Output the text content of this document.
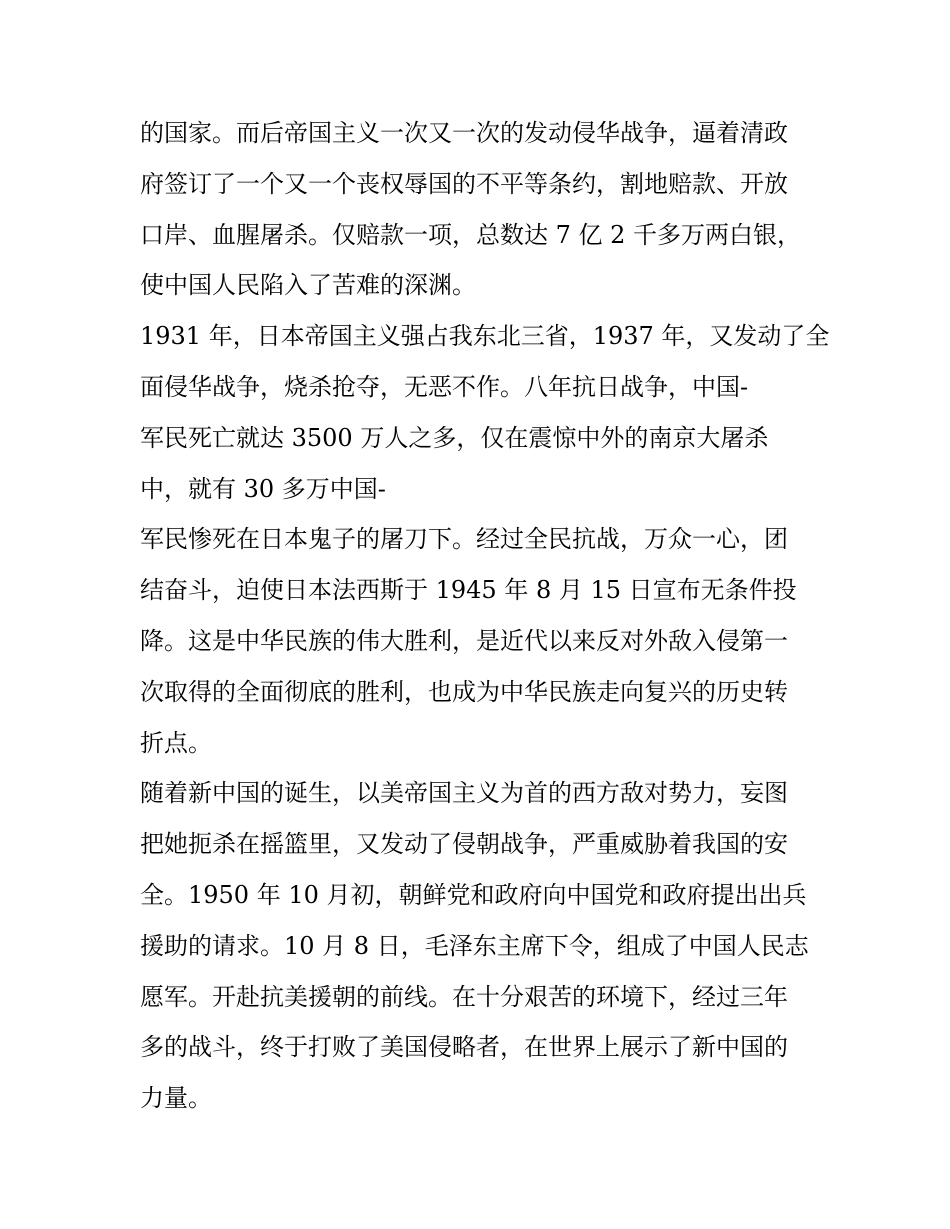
的国家。而后帝国主义一次又一次的发动侵华战争，逼着清政
府签订了一个又一个丧权辱国的不平等条约，割地赔款、开放
口岸、血腥屠杀。仅赔款一项，总数达 7 亿 2 千多万两白银，
使中国人民陷入了苦难的深渊。
1931 年，日本帝国主义强占我东北三省，1937 年，又发动了全
面侵华战争，烧杀抢夺，无恶不作。八年抗日战争，中国-
军民死亡就达 3500 万人之多，仅在震惊中外的南京大屠杀
中，就有 30 多万中国-
军民惨死在日本鬼子的屠刀下。经过全民抗战，万众一心，团
结奋斗，迫使日本法西斯于 1945 年 8 月 15 日宣布无条件投
降。这是中华民族的伟大胜利，是近代以来反对外敌入侵第一
次取得的全面彻底的胜利，也成为中华民族走向复兴的历史转
折点。
随着新中国的诞生，以美帝国主义为首的西方敌对势力，妄图
把她扼杀在摇篮里，又发动了侵朝战争，严重威胁着我国的安
全。1950 年 10 月初，朝鲜党和政府向中国党和政府提出出兵
援助的请求。10 月 8 日，毛泽东主席下令，组成了中国人民志
愿军。开赴抗美援朝的前线。在十分艰苦的环境下，经过三年
多的战斗，终于打败了美国侵略者，在世界上展示了新中国的
力量。
